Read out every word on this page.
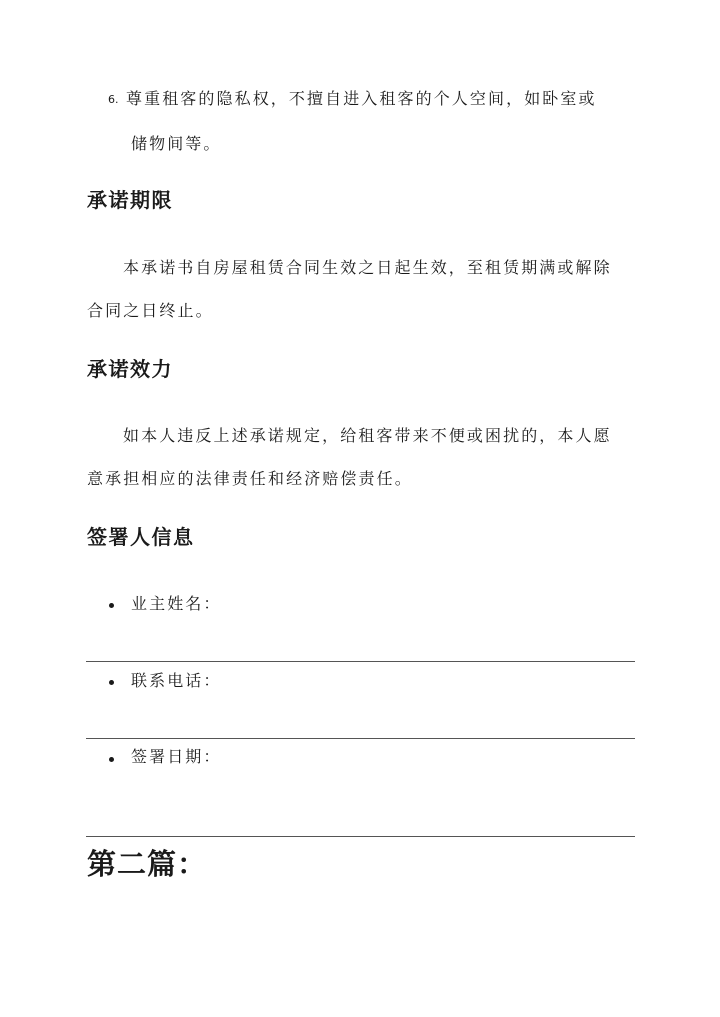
6. 尊重租客的隐私权，不擅自进入租客的个人空间，如卧室或

储物间等。

承诺期限

本承诺书自房屋租赁合同生效之日起生效，至租赁期满或解除

合同之日终止。

承诺效力

如本人违反上述承诺规定，给租客带来不便或困扰的，本人愿

意承担相应的法律责任和经济赔偿责任。

签署人信息
业主姓名：
联系电话：
签署日期：
第二篇：
